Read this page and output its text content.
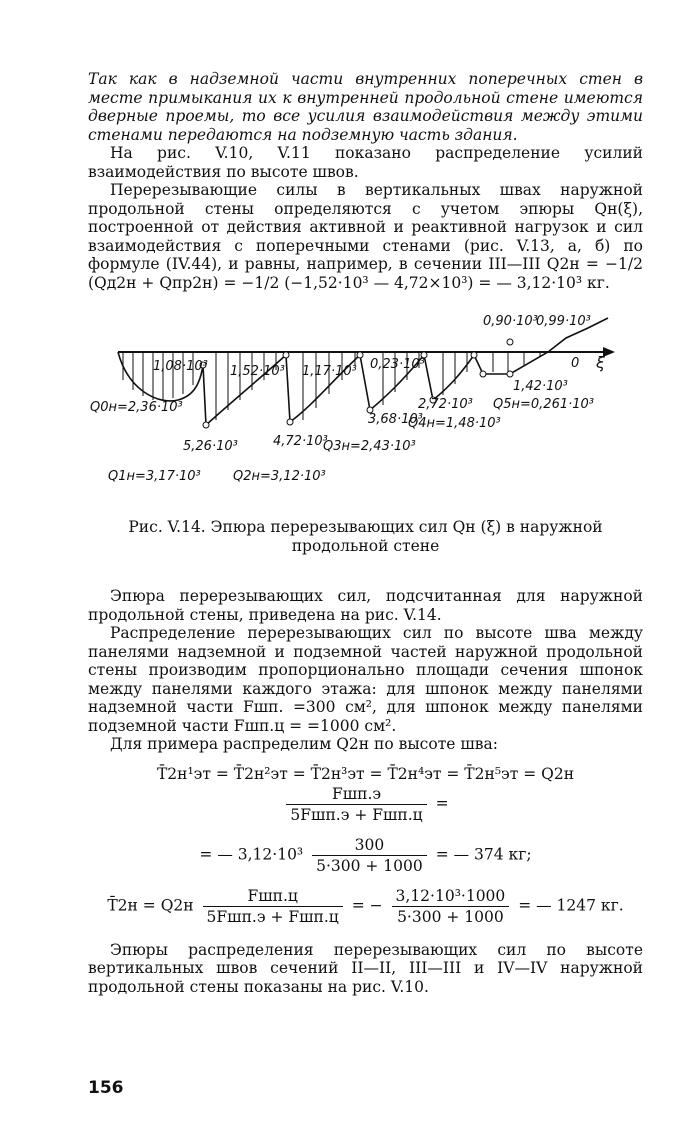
Так как в надземной части внутренних поперечных стен в месте примыкания их к внутренней продольной стене имеются дверные проемы, то все усилия взаимодействия между этими стенами передаются на подземную часть здания.

На рис. V.10, V.11 показано распределение усилий взаимодействия по высоте швов.

Перерезывающие силы в вертикальных швах наружной продольной стены определяются с учетом эпюры Qн(ξ), построенной от действия активной и реактивной нагрузок и сил взаимодействия с поперечными стенами (рис. V.13, а, б) по формуле (IV.44), и равны, например, в сечении III—III Q2н = −1/2 (Qд2н + Qпр2н) = −1/2 (−1,52·10³ — 4,72×10³) = — 3,12·10³ кг.

0,90·10³
0,99·10³
1,08·10³ 1,52·10³ 1,17·10³ 0,23·10³	0 ξ
1,42·10³
Q5н=0,261·10³
2,72·10³
Q0н=2,36·10³
3,68·10³
Q4н=1,48·10³
5,26·10³	4,72·10³
Q3н=2,43·10³
Q1н=3,17·10³ Q2н=3,12·10³

Рис. V.14. Эпюра перерезывающих сил Qн (ξ) в наружной продольной стене

Эпюра перерезывающих сил, подсчитанная для наружной продольной стены, приведена на рис. V.14.

Распределение перерезывающих сил по высоте шва между панелями надземной и подземной частей наружной продольной стены производим пропорционально площади сечения шпонок между панелями каждого этажа: для шпонок между панелями надземной части Fшп. =300 см², для шпонок между панелями подземной части Fшп.ц = =1000 см².

Для примера распределим Q2н по высоте шва:

T̄2н¹эт = T̄2н²эт = T̄2н³эт = T̄2н⁴эт = T̄2н⁵эт = Q2н
$\frac{\text{Fшп.э}}{\text{5Fшп.э + Fшп.ц}}$ =
= — $3,12\cdot 10^3 \frac{300}{5\cdot 300 + 1000}$ = — 374 кг;
T̄2н = $Q2н \frac{\text{Fшп.ц}}{\text{5Fшп.э + Fшп.ц}}$ = − $\frac{\text{3,12·10³·1000}}{5\cdot 300 + 1000}$ = — 1247 кг.

Эпюры распределения перерезывающих сил по высоте вертикальных швов сечений II—II, III—III и IV—IV наружной продольной стены показаны на рис. V.10.

156
